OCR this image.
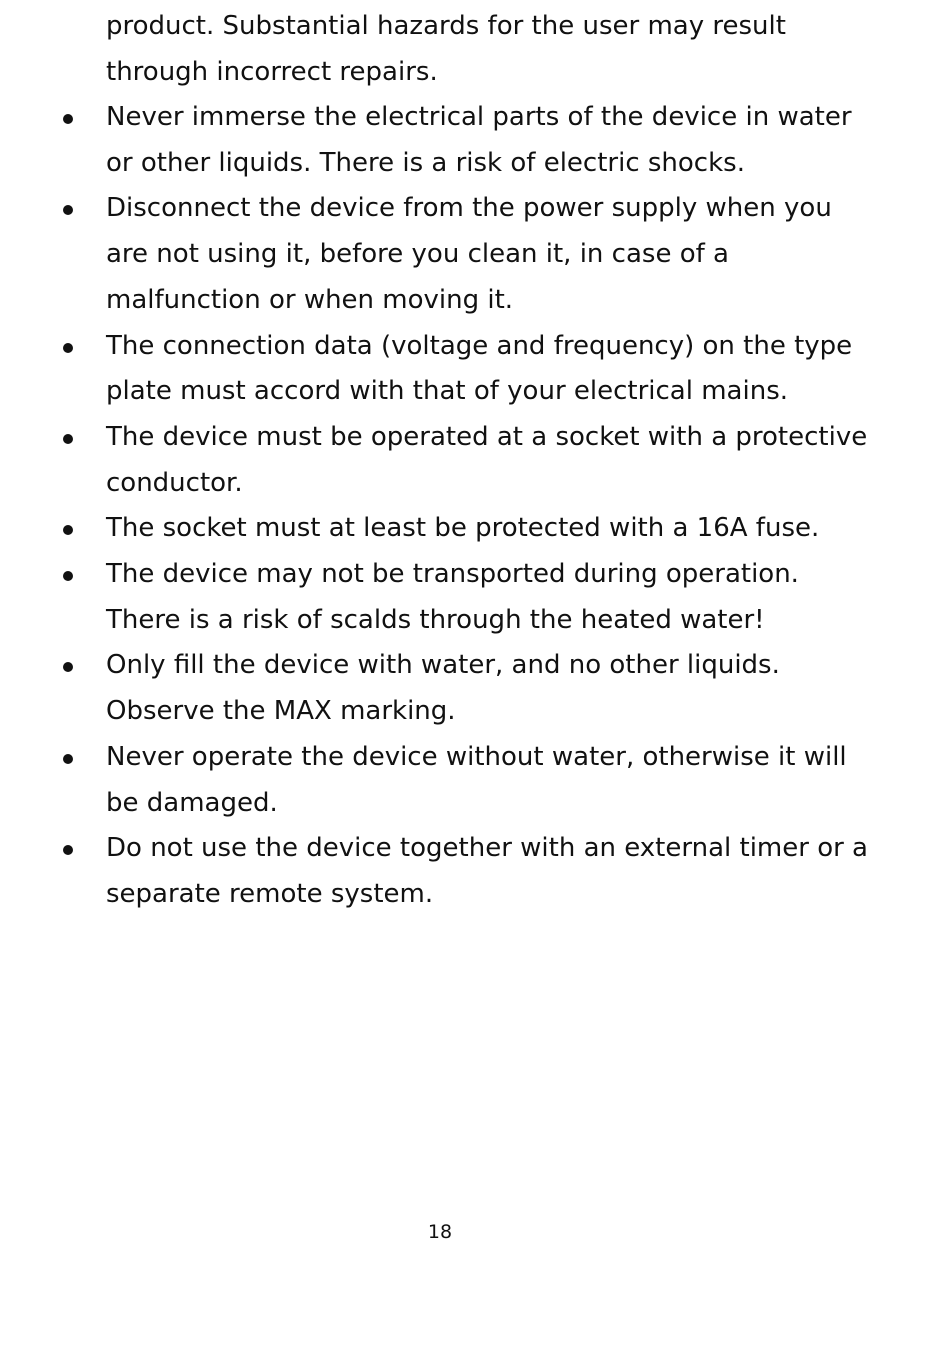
product. Substantial hazards for the user may result through incorrect repairs.

Never immerse the electrical parts of the device in water or other liquids. There is a risk of electric shocks.
Disconnect the device from the power supply when you are not using it, before you clean it, in case of a malfunction or when moving it.
The connection data (voltage and frequency) on the type plate must accord with that of your electrical mains.
The device must be operated at a socket with a protective conductor.
The socket must at least be protected with a 16A fuse.
The device may not be transported during operation. There is a risk of scalds through the heated water!
Only fill the device with water, and no other liquids. Observe the MAX marking.
Never operate the device without water, otherwise it will be damaged.
Do not use the device together with an external timer or a separate remote system.
18
